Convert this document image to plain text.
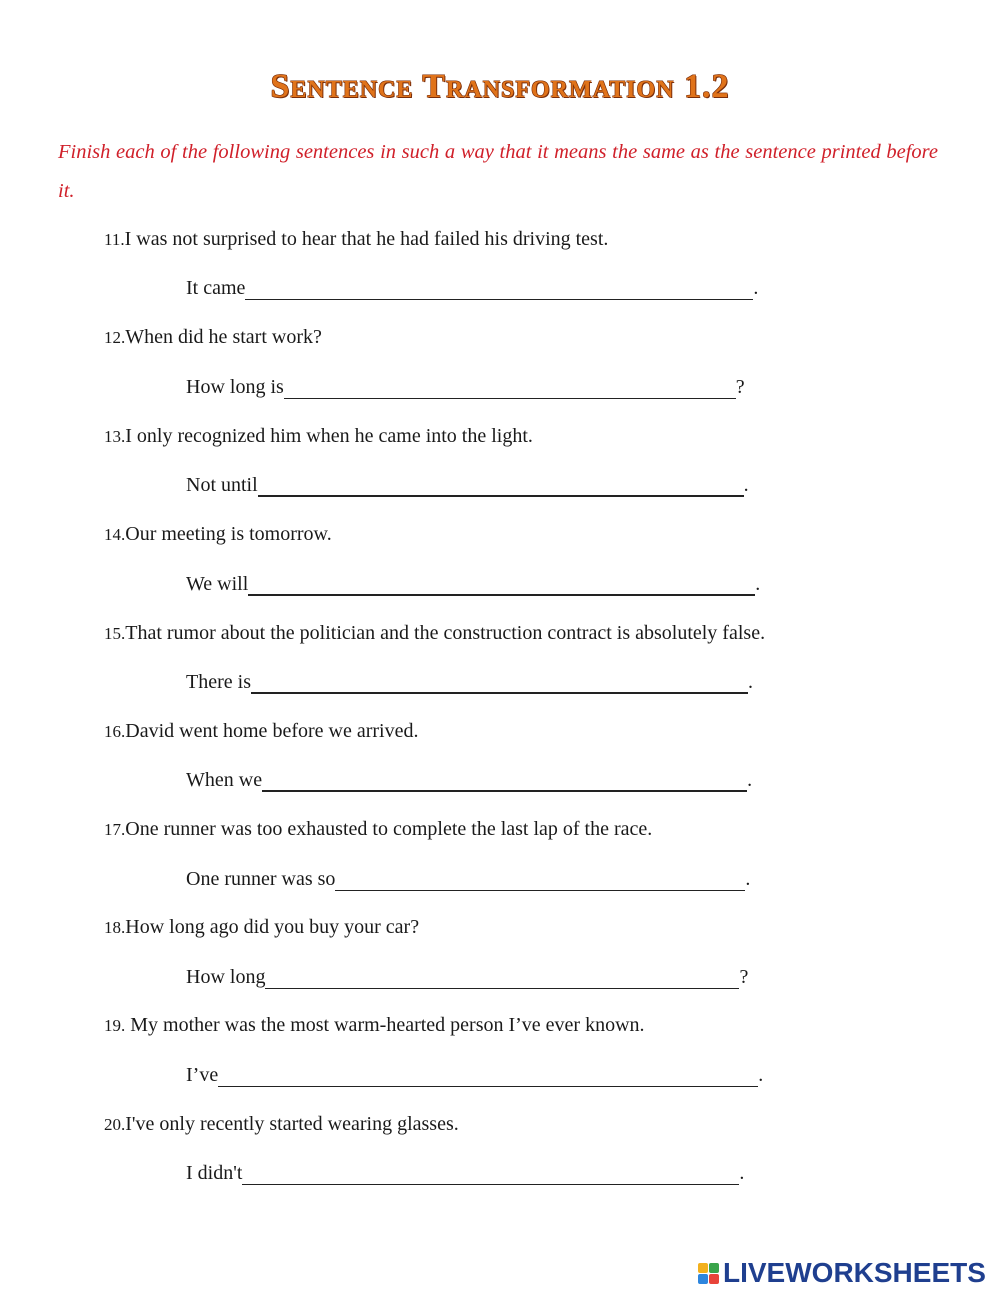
Sentence Transformation 1.2
Finish each of the following sentences in such a way that it means the same as the sentence printed before it.
11.I was not surprised to hear that he had failed his driving test.
It came	.
12.When did he start work?
How long is	?
13.I only recognized him when he came into the light.
Not until	.
14.Our meeting is tomorrow.
We will	.
15.That rumor about the politician and the construction contract is absolutely false.
There is	.
16.David went home before we arrived.
When we	.
17.One runner was too exhausted to complete the last lap of the race.
One runner was so	.
18.How long ago did you buy your car?
How long	?
19. My mother was the most warm-hearted person I’ve ever known.
I’ve	.
20.I've only recently started wearing glasses.
I didn't	.
LIVEWORKSHEETS
